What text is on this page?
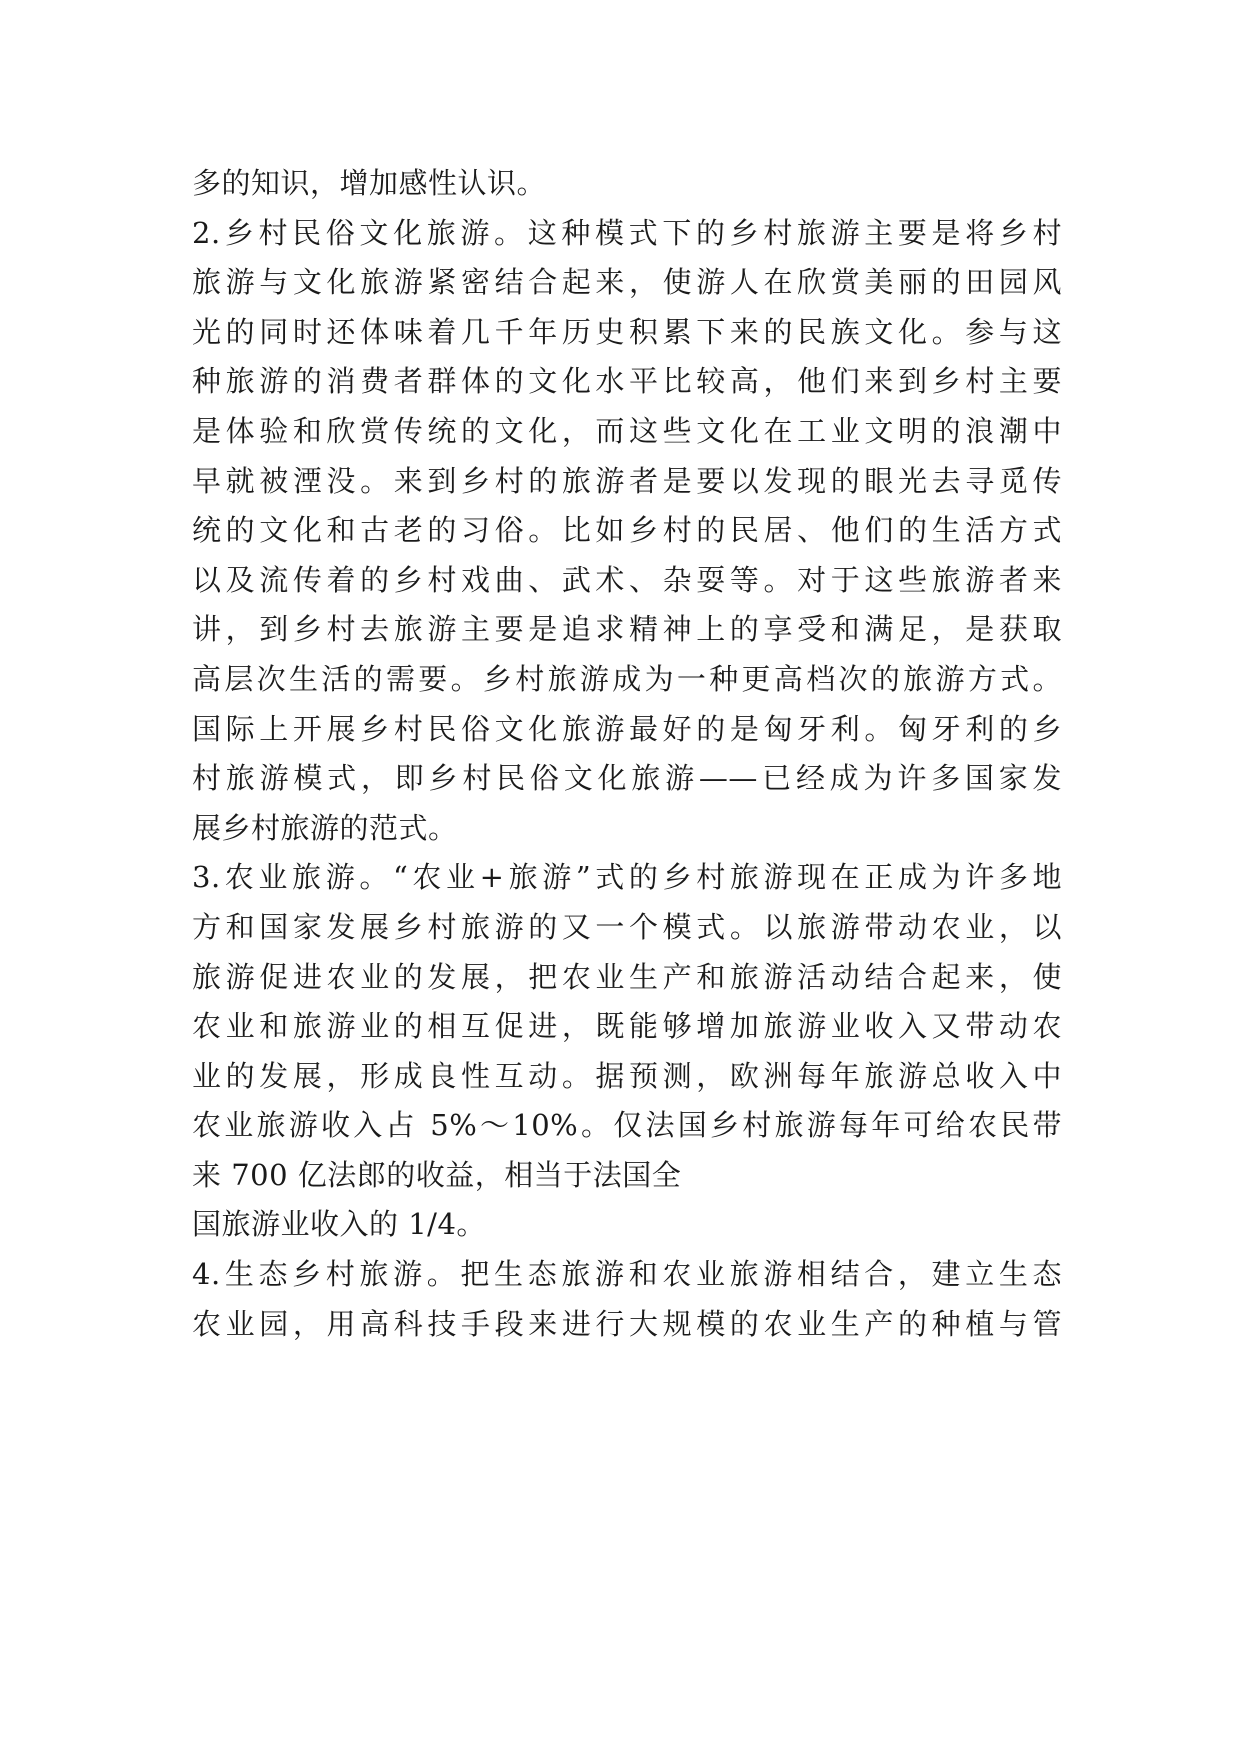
多的知识，增加感性认识。
2.乡村民俗文化旅游。这种模式下的乡村旅游主要是将乡村
旅游与文化旅游紧密结合起来，使游人在欣赏美丽的田园风
光的同时还体味着几千年历史积累下来的民族文化。参与这
种旅游的消费者群体的文化水平比较高，他们来到乡村主要
是体验和欣赏传统的文化，而这些文化在工业文明的浪潮中
早就被湮没。来到乡村的旅游者是要以发现的眼光去寻觅传
统的文化和古老的习俗。比如乡村的民居、他们的生活方式
以及流传着的乡村戏曲、武术、杂耍等。对于这些旅游者来
讲，到乡村去旅游主要是追求精神上的享受和满足，是获取
高层次生活的需要。乡村旅游成为一种更高档次的旅游方式。
国际上开展乡村民俗文化旅游最好的是匈牙利。匈牙利的乡
村旅游模式，即乡村民俗文化旅游——已经成为许多国家发
展乡村旅游的范式。
3.农业旅游。“农业+旅游”式的乡村旅游现在正成为许多地
方和国家发展乡村旅游的又一个模式。以旅游带动农业，以
旅游促进农业的发展，把农业生产和旅游活动结合起来，使
农业和旅游业的相互促进，既能够增加旅游业收入又带动农
业的发展，形成良性互动。据预测，欧洲每年旅游总收入中
农业旅游收入占 5%～10%。仅法国乡村旅游每年可给农民带
来 700 亿法郎的收益，相当于法国全
国旅游业收入的 1/4。
4.生态乡村旅游。把生态旅游和农业旅游相结合，建立生态
农业园，用高科技手段来进行大规模的农业生产的种植与管
